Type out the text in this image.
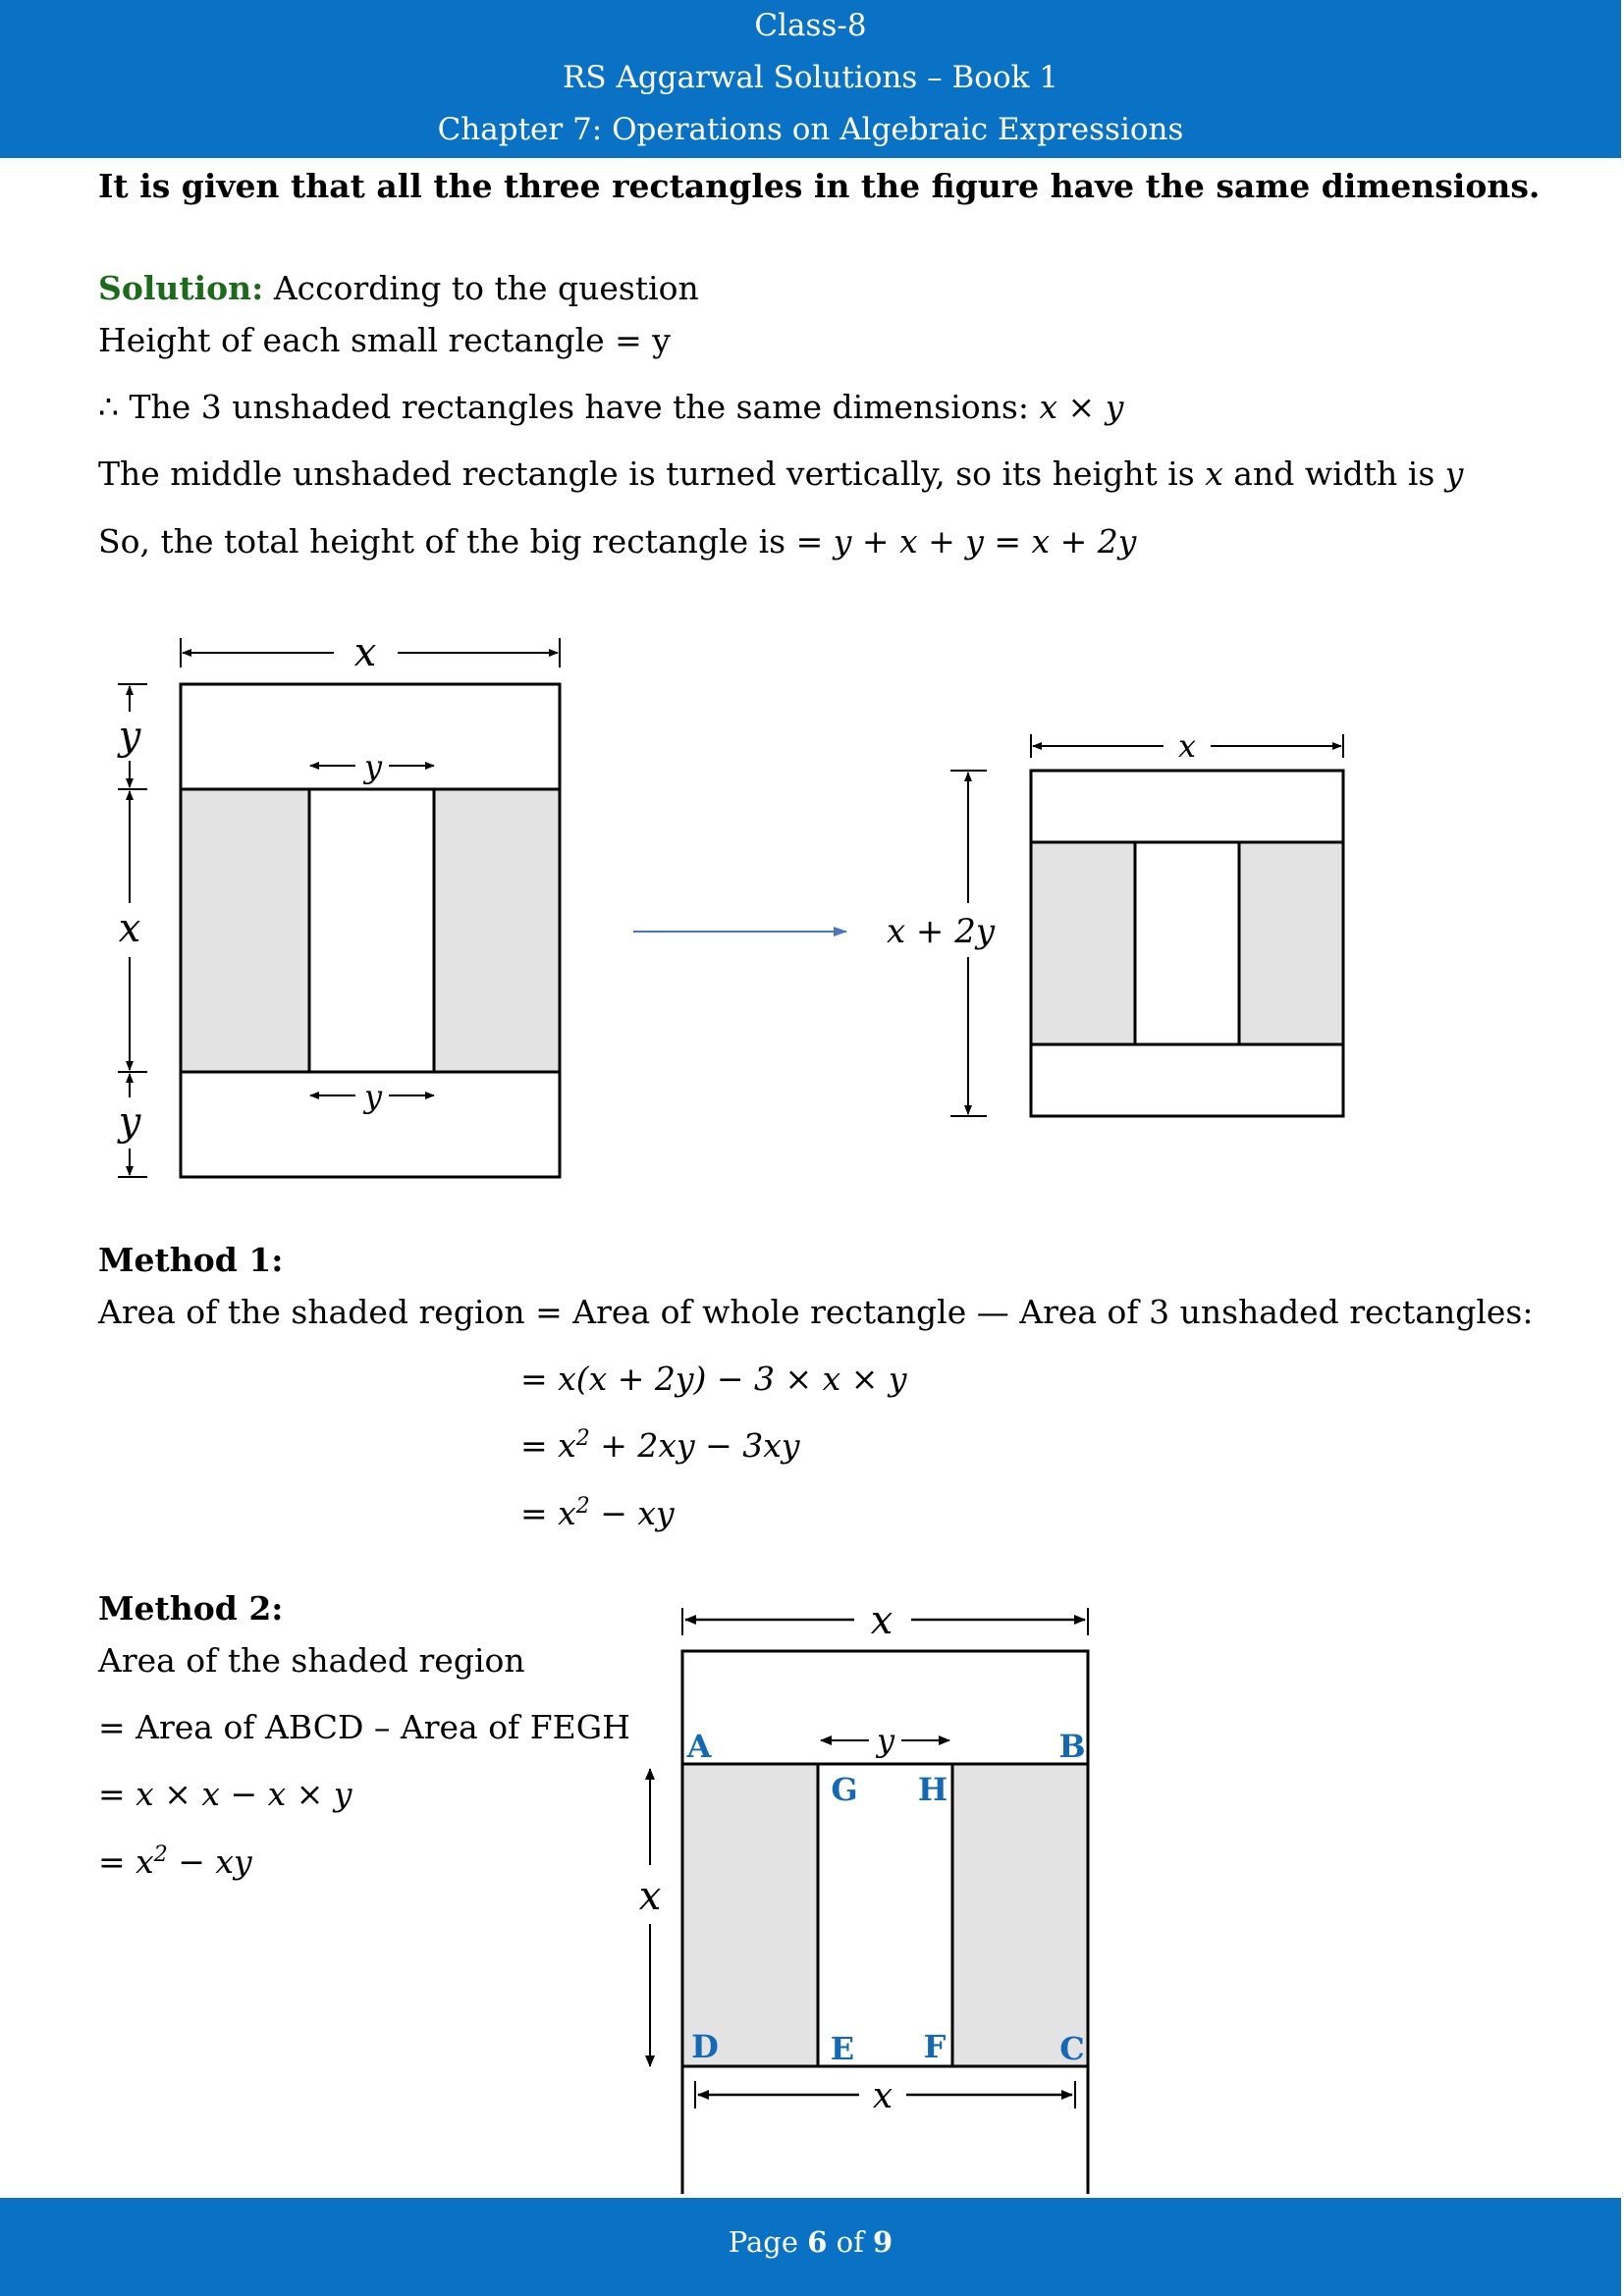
Class-8
RS Aggarwal Solutions – Book 1
Chapter 7: Operations on Algebraic Expressions
It is given that all the three rectangles in the figure have the same dimensions.
Solution: According to the question
Height of each small rectangle = y
∴ The 3 unshaded rectangles have the same dimensions: x × y
The middle unshaded rectangle is turned vertically, so its height is x and width is y
So, the total height of the big rectangle is = y + x + y = x + 2y
x
y
x
y
y
y
x
x + 2y
Method 1:
Area of the shaded region = Area of whole rectangle — Area of 3 unshaded rectangles:
= x(x + 2y) − 3 × x × y
= $x^2 + 2xy - 3xy$
= $x^2$ − xy
Method 2:
Area of the shaded region
= Area of ABCD – Area of FEGH
= x × x − x × y
= $x^2$ − xy
x
y
x
x
A	B
G H
D	E F	C
Page 6 of 9
